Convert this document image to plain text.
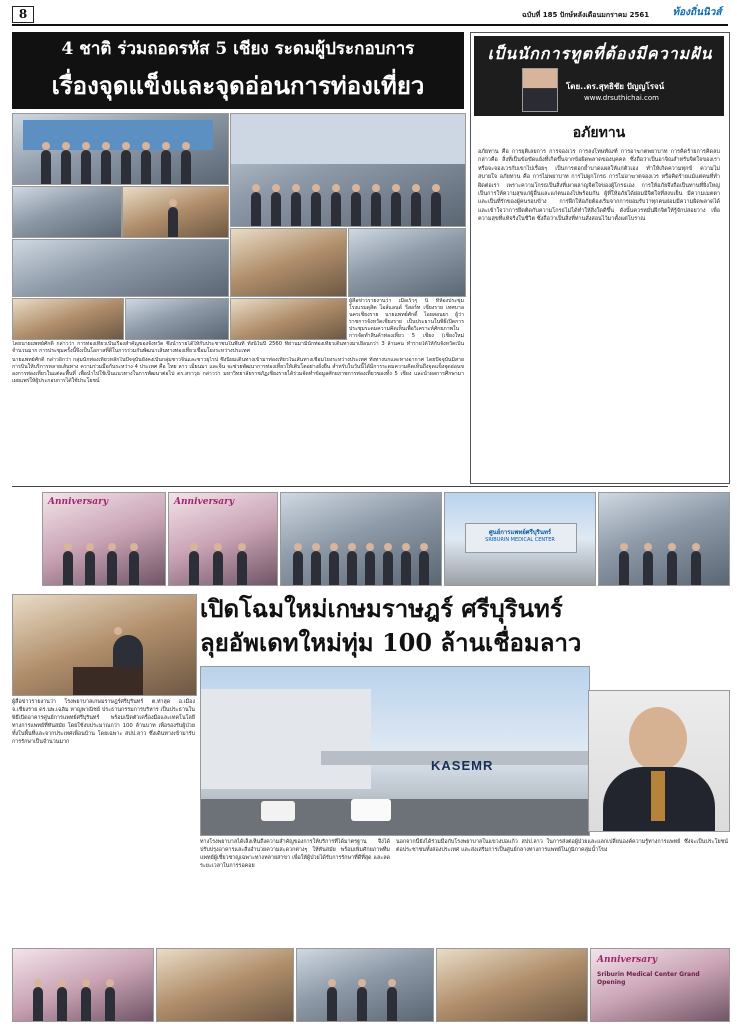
8	ฉบับที่ 185 ปักษ์หลังเดือนมกราคม 2561	ท้องถิ่นนิวส์
4 ชาติ ร่วมถอดรหัส 5 เชียง ระดมผู้ประกอบการ
เรื่องจุดแข็งและจุดอ่อนการท่องเที่ยว
ผู้สื่อข่าวรายงานว่า เมื่อเร็วๆ นี้ ที่ห้องประชุม โรงแรมดุสิต ไอส์แลนด์ รีสอร์ท เชียงราย เทศบาลนครเชียงราย นายแพทย์ศักดิ์ ไอยสอนยา ผู้ว่าราชการจังหวัดเชียงราย เป็นประธานในพิธีเปิดการประชุมระดมความคิดเห็นเพื่อวิเคราะห์ศักยภาพในการจัดทำสินค้าท่องเที่ยว 5 เชียง (เชียงใหม่
โดยนายแพทย์ศักดิ์ กล่าวว่า การท่องเที่ยวเป็นเรื่องสำคัญของจังหวัด ซึ่งนำรายได้ให้กับประชาชนในพื้นที่ ทั้งนี้ในปี 2560 ที่ผ่านมามีนักท่องเที่ยวเดินทางมาเยือนกว่า 3 ล้านคน ทำรายได้ให้กับจังหวัดเป็นจำนวนมาก การประชุมครั้งนี้จึงเป็นโอกาสที่ดีในการร่วมกันพัฒนาเส้นทางท่องเที่ยวเชื่อมโยงระหว่างประเทศ
นายแพทย์ศักดิ์ กล่าวอีกว่า กลุ่มนักท่องเที่ยวหลักในปัจจุบันยังคงเป็นกลุ่มชาวจีนและชาวยุโรป ซึ่งนิยมเดินทางเข้ามาท่องเที่ยวในเส้นทางเชื่อมโยงระหว่างประเทศ ทั้งทางบกและทางอากาศ โดยปัจจุบันมีสายการบินให้บริการหลายเส้นทาง ความร่วมมือกันระหว่าง 4 ประเทศ คือ ไทย ลาว เมียนมา และจีน จะช่วยพัฒนาการท่องเที่ยวให้เติบโตอย่างยั่งยืน สำหรับในวันนี้ได้มีการระดมความคิดเห็นถึงจุดแข็งจุดอ่อนของการท่องเที่ยวในแต่ละพื้นที่ เพื่อนำไปใช้เป็นแนวทางในการพัฒนาต่อไป ดร.สราวุธ กล่าวว่า มหาวิทยาลัยราชภัฏเชียงรายได้ร่วมจัดทำข้อมูลศักยภาพการท่องเที่ยวของทั้ง 5 เชียง และนำผลการศึกษามาเผยแพร่ให้ผู้ประกอบการได้ใช้ประโยชน์
เป็นนักการทูตที่ต้องมีความฝัน
โดย..ดร.สุทธิชัย ปัญญโรจน์
www.drsuthichai.com
อภัยทาน
อภัยทาน คือ การยุติเลยการ การจองเวร การลงโทษทัณฑ์ การอาฆาตพยาบาท การคิดร้ายการคิดลบ กล่าวคือ สิ่งที่เป็นข้อขัดแย้งที่เกิดขึ้นจากข้อผิดพลาดของบุคคล ซึ่งถือว่าเป็นอาจิณสำหรับจิตใจของเรา หรือจะจองเวรกับเขาไปเรื่อยๆ เป็นการตอกย้ำบาดแผลให้แก่ตัวเอง ทำให้เกิดความทุกข์ ความไม่สบายใจ อภัยทาน คือ การไม่พยาบาท การไม่ผูกโกรธ การไม่อาฆาตจองเวร หรือคิดร้ายแม้แต่คนที่ทำผิดต่อเรา เพราะความโกรธเป็นสิ่งที่เผาผลาญจิตใจของผู้โกรธเอง การให้อภัยจึงถือเป็นทานที่ยิ่งใหญ่ เป็นการให้ความสุขแก่ผู้อื่นและแก่ตนเองไปพร้อมกัน ผู้ที่ให้อภัยได้ย่อมมีจิตใจที่สงบเย็น มีความเมตตา และเป็นที่รักของผู้คนรอบข้าง การฝึกให้อภัยต้องเริ่มจากการยอมรับว่าทุกคนย่อมมีความผิดพลาดได้ และเข้าใจว่าการยึดติดกับความโกรธไม่ได้ทำให้สิ่งใดดีขึ้น ดังนั้นควรหมั่นฝึกจิตให้รู้จักปล่อยวาง เพื่อความสุขที่แท้จริงในชีวิต ซึ่งถือว่าเป็นสิ่งที่ท่านสั่งสอนไว้มาตั้งแต่โบราณ
Anniversary	Anniversary
ศูนย์การแพทย์ศรีบุรินทร์
SRIBURIN MEDICAL CENTER
เปิดโฉมใหม่เกษมราษฎร์ ศรีบุรินทร์
ลุยอัพเดทใหม่ทุ่ม 100 ล้านเชื่อมลาว
KASEMR
ผู้สื่อข่าวรายงานว่า โรงพยาบาลเกษมราษฎร์ศรีบุรินทร์ ต.ท่าสุด อ.เมือง จ.เชียงราย ดร.นพ.เฉลิม หาญพาณิชย์ ประธานกรรมการบริหาร เป็นประธานในพิธีเปิดอาคารศูนย์การแพทย์ศรีบุรินทร์ พร้อมเปิดตัวเครื่องมือและเทคโนโลยีทางการแพทย์ที่ทันสมัย โดยใช้งบประมาณกว่า 100 ล้านบาท เพื่อรองรับผู้ป่วยทั้งในพื้นที่และจากประเทศเพื่อนบ้าน โดยเฉพาะ สปป.ลาว ซึ่งเดินทางเข้ามารับการรักษาเป็นจำนวนมาก
ทางโรงพยาบาลได้เล็งเห็นถึงความสำคัญของการให้บริการที่ได้มาตรฐาน จึงได้ปรับปรุงอาคารและสิ่งอำนวยความสะดวกต่างๆ ให้ทันสมัย พร้อมเพิ่มศักยภาพทีมแพทย์ผู้เชี่ยวชาญเฉพาะทางหลายสาขา เพื่อให้ผู้ป่วยได้รับการรักษาที่ดีที่สุด และลดระยะเวลาในการรอคอย
นอกจากนี้ยังได้ร่วมมือกับโรงพยาบาลในแขวงบ่อแก้ว สปป.ลาว ในการส่งต่อผู้ป่วยและแลกเปลี่ยนองค์ความรู้ทางการแพทย์ ซึ่งจะเป็นประโยชน์ต่อประชาชนทั้งสองประเทศ และส่งเสริมการเป็นศูนย์กลางทางการแพทย์ในภูมิภาคลุ่มน้ำโขง
Anniversary
Sriburin Medical Center Grand Opening
